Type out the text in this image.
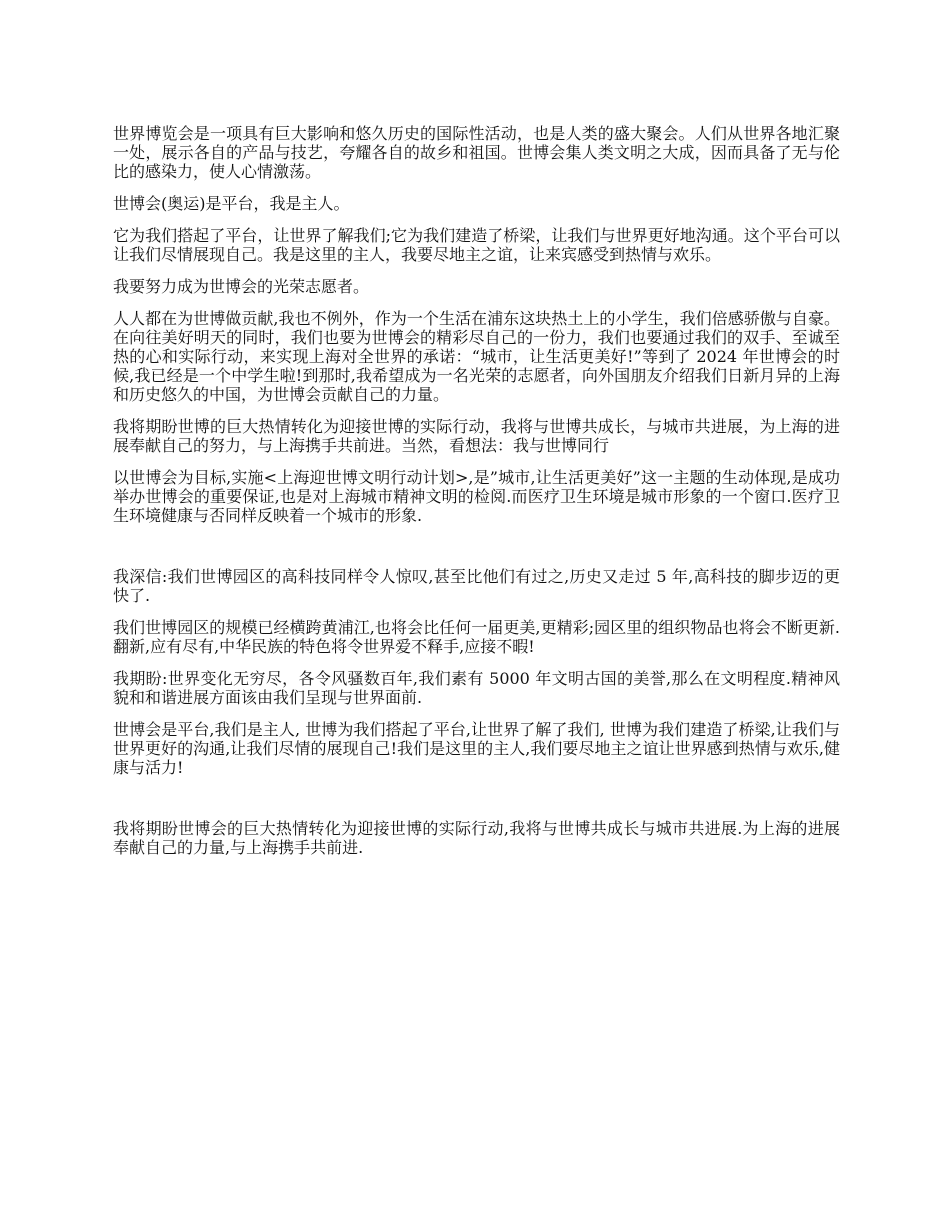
世界博览会是一项具有巨大影响和悠久历史的国际性活动，也是人类的盛大聚会。人们从世界各地汇聚一处，展示各自的产品与技艺，夸耀各自的故乡和祖国。世博会集人类文明之大成，因而具备了无与伦比的感染力，使人心情激荡。

世博会(奥运)是平台，我是主人。

它为我们搭起了平台，让世界了解我们;它为我们建造了桥梁，让我们与世界更好地沟通。这个平台可以让我们尽情展现自己。我是这里的主人，我要尽地主之谊，让来宾感受到热情与欢乐。

我要努力成为世博会的光荣志愿者。

人人都在为世博做贡献,我也不例外，作为一个生活在浦东这块热土上的小学生，我们倍感骄傲与自豪。在向往美好明天的同时，我们也要为世博会的精彩尽自己的一份力，我们也要通过我们的双手、至诚至热的心和实际行动，来实现上海对全世界的承诺：“城市，让生活更美好!”等到了 2024 年世博会的时候,我已经是一个中学生啦!到那时,我希望成为一名光荣的志愿者，向外国朋友介绍我们日新月异的上海和历史悠久的中国，为世博会贡献自己的力量。

我将期盼世博的巨大热情转化为迎接世博的实际行动，我将与世博共成长，与城市共进展，为上海的进展奉献自己的努力，与上海携手共前进。当然，看想法：我与世博同行

以世博会为目标,实施<上海迎世博文明行动计划>,是”城市,让生活更美好”这一主题的生动体现,是成功举办世博会的重要保证,也是对上海城市精神文明的检阅.而医疗卫生环境是城市形象的一个窗口.医疗卫生环境健康与否同样反映着一个城市的形象.

我深信:我们世博园区的高科技同样令人惊叹,甚至比他们有过之,历史又走过 5 年,高科技的脚步迈的更快了.

我们世博园区的规模已经横跨黄浦江,也将会比任何一届更美,更精彩;园区里的组织物品也将会不断更新.翻新,应有尽有,中华民族的特色将令世界爱不释手,应接不暇!

我期盼:世界变化无穷尽，各令风骚数百年,我们素有 5000 年文明古国的美誉,那么在文明程度.精神风貌和和谐进展方面该由我们呈现与世界面前.

世博会是平台,我们是主人, 世博为我们搭起了平台,让世界了解了我们, 世博为我们建造了桥梁,让我们与世界更好的沟通,让我们尽情的展现自己!我们是这里的主人,我们要尽地主之谊让世界感到热情与欢乐,健康与活力!

我将期盼世博会的巨大热情转化为迎接世博的实际行动,我将与世博共成长与城市共进展.为上海的进展奉献自己的力量,与上海携手共前进.
